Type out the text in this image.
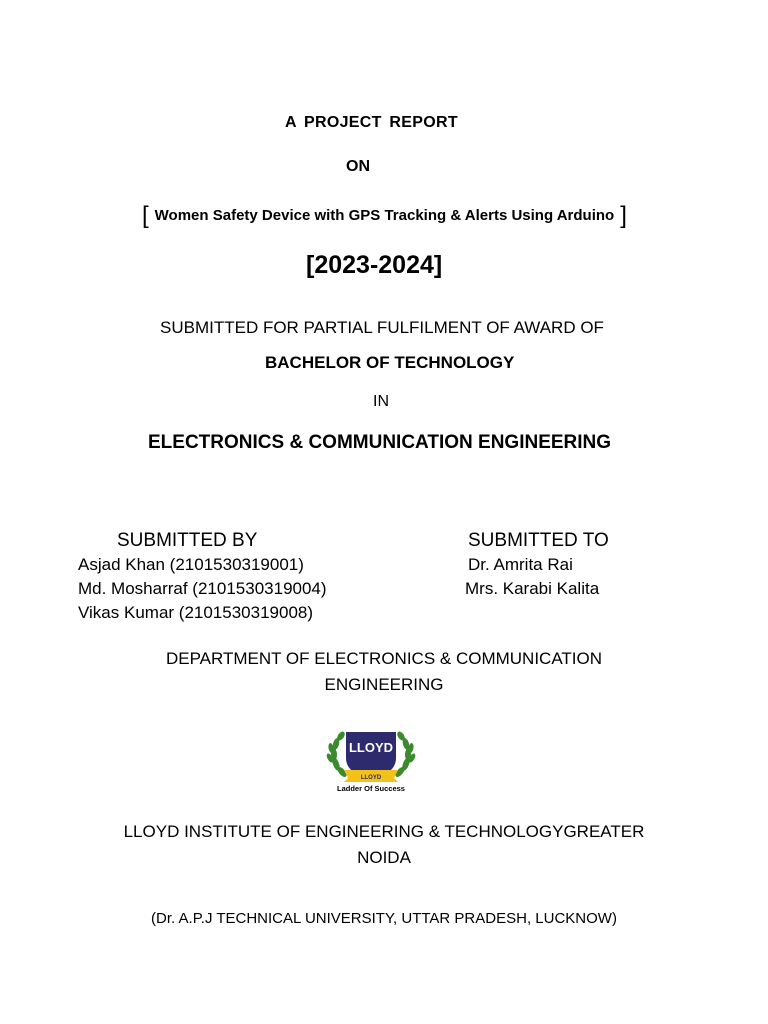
A PROJECT REPORT
ON
[ Women Safety Device with GPS Tracking & Alerts Using Arduino ]
[2023-2024]
SUBMITTED FOR PARTIAL FULFILMENT OF AWARD OF
BACHELOR OF TECHNOLOGY
IN
ELECTRONICS & COMMUNICATION ENGINEERING
SUBMITTED BY	SUBMITTED TO
Asjad Khan (2101530319001)
Md. Mosharraf (2101530319004)
Vikas Kumar (2101530319008)
Dr. Amrita Rai
Mrs. Karabi Kalita
DEPARTMENT OF ELECTRONICS & COMMUNICATION
ENGINEERING
LLOYD
LLOYD
Ladder Of Success
LLOYD INSTITUTE OF ENGINEERING & TECHNOLOGYGREATER
NOIDA
(Dr. A.P.J TECHNICAL UNIVERSITY, UTTAR PRADESH, LUCKNOW)
